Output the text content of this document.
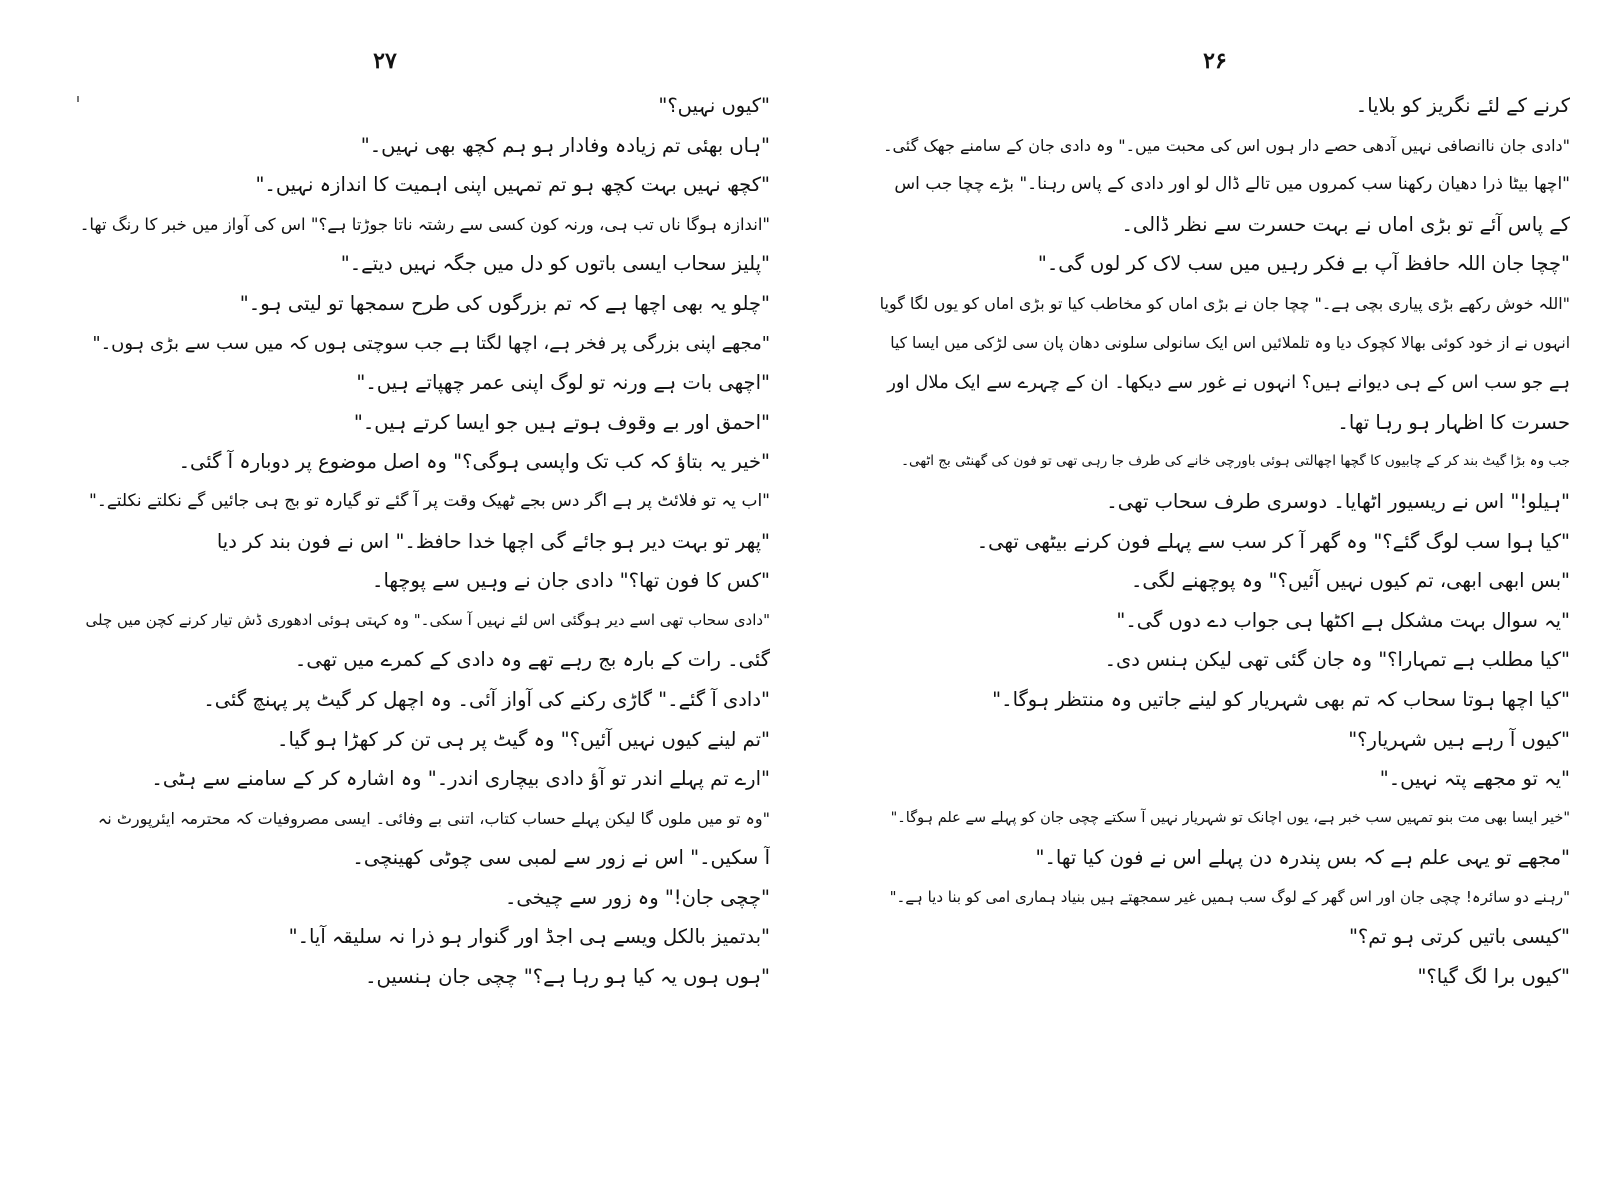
۲۷
"کیوں نہیں؟"
"ہاں بھئی تم زیادہ وفادار ہو ہم کچھ بھی نہیں۔"
"کچھ نہیں بہت کچھ ہو تم تمہیں اپنی اہمیت کا اندازہ نہیں۔"
"اندازہ ہوگا ناں تب ہی، ورنہ کون کسی سے رشتہ ناتا جوڑتا ہے؟" اس کی آواز میں خبر کا رنگ تھا۔
"پلیز سحاب ایسی باتوں کو دل میں جگہ نہیں دیتے۔"
"چلو یہ بھی اچھا ہے کہ تم بزرگوں کی طرح سمجھا تو لیتی ہو۔"
"مجھے اپنی بزرگی پر فخر ہے، اچھا لگتا ہے جب سوچتی ہوں کہ میں سب سے بڑی ہوں۔"
"اچھی بات ہے ورنہ تو لوگ اپنی عمر چھپاتے ہیں۔"
"احمق اور بے وقوف ہوتے ہیں جو ایسا کرتے ہیں۔"
"خیر یہ بتاؤ کہ کب تک واپسی ہوگی؟" وہ اصل موضوع پر دوبارہ آ گئی۔
"اب یہ تو فلائٹ پر ہے اگر دس بجے ٹھیک وقت پر آ گئے تو گیارہ تو بج ہی جائیں گے نکلتے نکلتے۔"
"پھر تو بہت دیر ہو جائے گی اچھا خدا حافظ۔" اس نے فون بند کر دیا
"کس کا فون تھا؟" دادی جان نے وہیں سے پوچھا۔
"دادی سحاب تھی اسے دیر ہوگئی اس لئے نہیں آ سکی۔" وہ کہتی ہوئی ادھوری ڈش تیار کرنے کچن میں چلی
گئی۔ رات کے بارہ بج رہے تھے وہ دادی کے کمرے میں تھی۔
"دادی آ گئے۔" گاڑی رکنے کی آواز آئی۔ وہ اچھل کر گیٹ پر پہنچ گئی۔
"تم لینے کیوں نہیں آئیں؟" وہ گیٹ پر ہی تن کر کھڑا ہو گیا۔
"ارے تم پہلے اندر تو آؤ دادی بیچاری اندر۔" وہ اشارہ کر کے سامنے سے ہٹی۔
"وہ تو میں ملوں گا لیکن پہلے حساب کتاب، اتنی بے وفائی۔ ایسی مصروفیات کہ محترمہ ایئرپورٹ نہ
آ سکیں۔" اس نے زور سے لمبی سی چوٹی کھینچی۔
"چچی جان!" وہ زور سے چیخی۔
"بدتمیز بالکل ویسے ہی اجڈ اور گنوار ہو ذرا نہ سلیقہ آیا۔"
"ہوں ہوں یہ کیا ہو رہا ہے؟" چچی جان ہنسیں۔
۲۶
کرنے کے لئے نگریز کو بلایا۔
"دادی جان ناانصافی نہیں آدھی حصے دار ہوں اس کی محبت میں۔" وہ دادی جان کے سامنے جھک گئی۔
"اچھا بیٹا ذرا دھیان رکھنا سب کمروں میں تالے ڈال لو اور دادی کے پاس رہنا۔" بڑے چچا جب اس
کے پاس آئے تو بڑی اماں نے بہت حسرت سے نظر ڈالی۔
"چچا جان اللہ حافظ آپ بے فکر رہیں میں سب لاک کر لوں گی۔"
"اللہ خوش رکھے بڑی پیاری بچی ہے۔" چچا جان نے بڑی اماں کو مخاطب کیا تو بڑی اماں کو یوں لگا گویا
انہوں نے از خود کوئی بھالا کچوک دیا وہ تلملائیں اس ایک سانولی سلونی دھان پان سی لڑکی میں ایسا کیا
ہے جو سب اس کے ہی دیوانے ہیں؟ انہوں نے غور سے دیکھا۔ ان کے چہرے سے ایک ملال اور
حسرت کا اظہار ہو رہا تھا۔
جب وہ بڑا گیٹ بند کر کے چابیوں کا گچھا اچھالتی ہوئی باورچی خانے کی طرف جا رہی تھی تو فون کی گھنٹی بج اٹھی۔
"ہیلو!" اس نے ریسیور اٹھایا۔ دوسری طرف سحاب تھی۔
"کیا ہوا سب لوگ گئے؟" وہ گھر آ کر سب سے پہلے فون کرنے بیٹھی تھی۔
"بس ابھی ابھی، تم کیوں نہیں آئیں؟" وہ پوچھنے لگی۔
"یہ سوال بہت مشکل ہے اکٹھا ہی جواب دے دوں گی۔"
"کیا مطلب ہے تمہارا؟" وہ جان گئی تھی لیکن ہنس دی۔
"کیا اچھا ہوتا سحاب کہ تم بھی شہریار کو لینے جاتیں وہ منتظر ہوگا۔"
"کیوں آ رہے ہیں شہریار؟"
"یہ تو مجھے پتہ نہیں۔"
"خیر ایسا بھی مت بنو تمہیں سب خبر ہے، یوں اچانک تو شہریار نہیں آ سکتے چچی جان کو پہلے سے علم ہوگا۔"
"مجھے تو یہی علم ہے کہ بس پندرہ دن پہلے اس نے فون کیا تھا۔"
"رہنے دو سائرہ! چچی جان اور اس گھر کے لوگ سب ہمیں غیر سمجھتے ہیں بنیاد ہماری امی کو بنا دیا ہے۔"
"کیسی باتیں کرتی ہو تم؟"
"کیوں برا لگ گیا؟"
